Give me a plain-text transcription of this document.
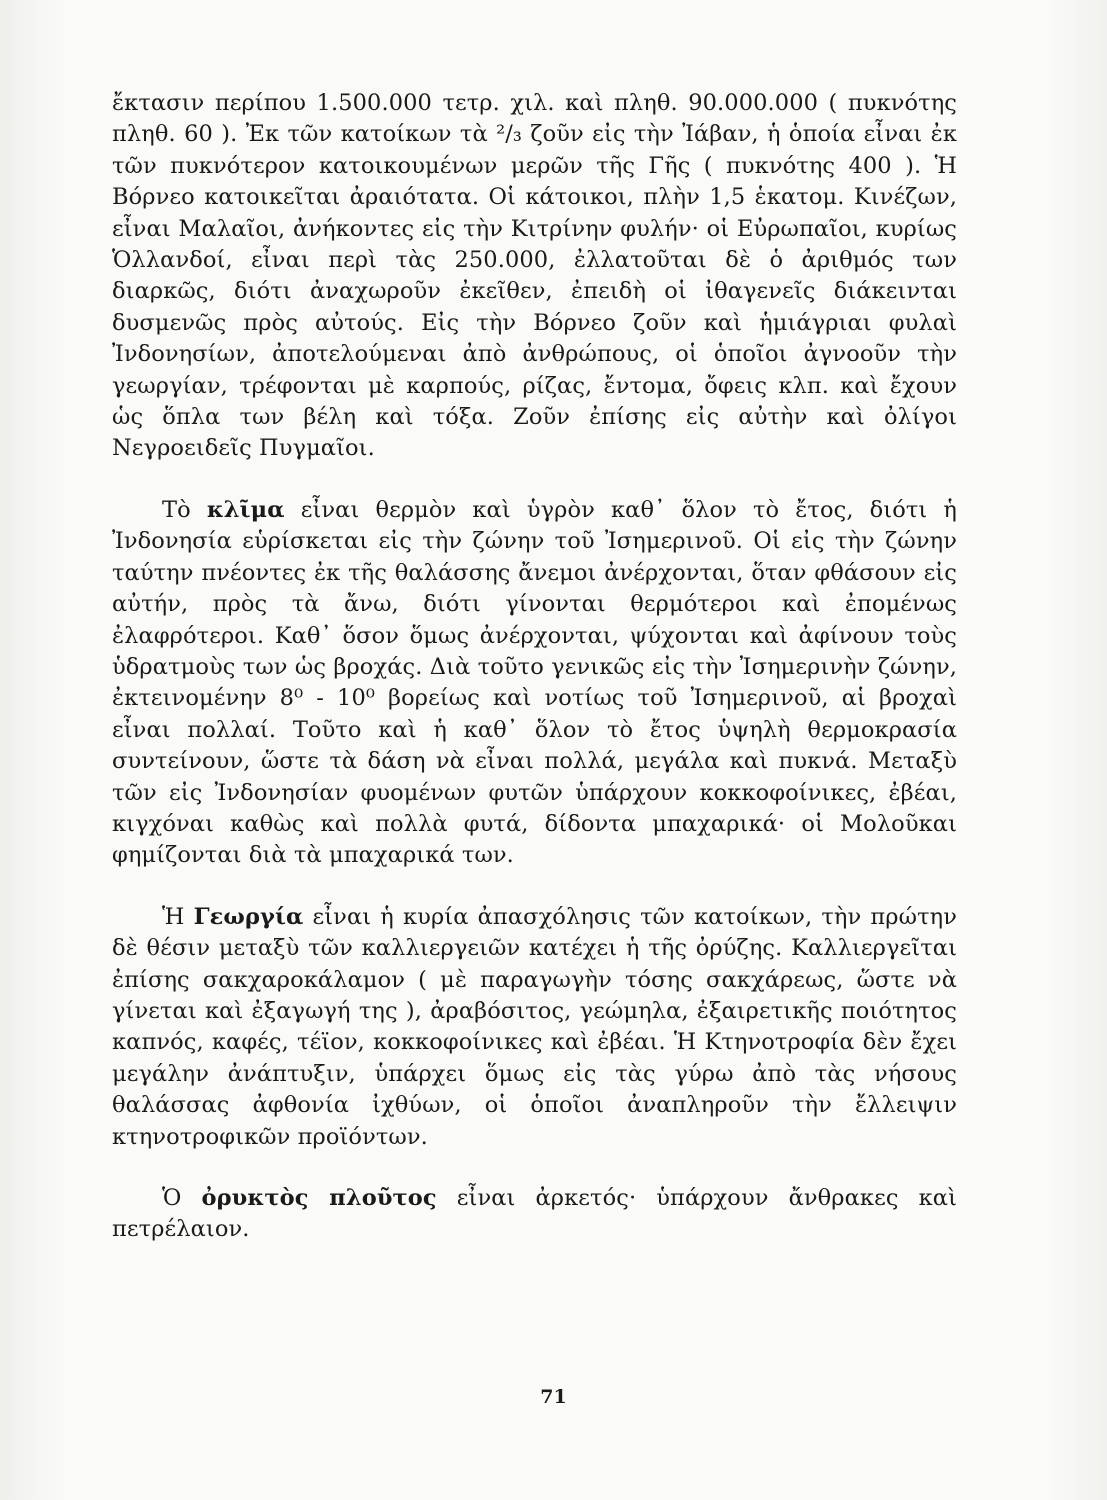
ἔκτασιν περίπου 1.500.000 τετρ. χιλ. καὶ πληθ. 90.000.000 ( πυκνότης πληθ. 60 ). Ἐκ τῶν κατοίκων τὰ ²/₃ ζοῦν εἰς τὴν Ἰάβαν, ἡ ὁποία εἶναι ἐκ τῶν πυκνότερον κατοικουμένων μερῶν τῆς Γῆς ( πυκνότης 400 ). Ἡ Βόρνεο κατοικεῖται ἀραιότατα. Οἱ κάτοικοι, πλὴν 1,5 ἑκατομ. Κινέζων, εἶναι Μαλαῖοι, ἀνήκοντες εἰς τὴν Κιτρίνην φυλήν· οἱ Εὐρωπαῖοι, κυρίως Ὁλλανδοί, εἶναι περὶ τὰς 250.000, ἐλλατοῦται δὲ ὁ ἀριθμός των διαρκῶς, διότι ἀναχωροῦν ἐκεῖθεν, ἐπειδὴ οἱ ἰθαγενεῖς διάκεινται δυσμενῶς πρὸς αὐτούς. Εἰς τὴν Βόρνεο ζοῦν καὶ ἡμιάγριαι φυλαὶ Ἰνδονησίων, ἀποτελούμεναι ἀπὸ ἀνθρώπους, οἱ ὁποῖοι ἀγνοοῦν τὴν γεωργίαν, τρέφονται μὲ καρπούς, ρίζας, ἔντομα, ὄφεις κλπ. καὶ ἔχουν ὡς ὅπλα των βέλη καὶ τόξα. Ζοῦν ἐπίσης εἰς αὐτὴν καὶ ὀλίγοι Νεγροειδεῖς Πυγμαῖοι.

Τὸ κλῖμα εἶναι θερμὸν καὶ ὑγρὸν καθ᾽ ὅλον τὸ ἔτος, διότι ἡ Ἰνδονησία εὑρίσκεται εἰς τὴν ζώνην τοῦ Ἰσημερινοῦ. Οἱ εἰς τὴν ζώνην ταύτην πνέοντες ἐκ τῆς θαλάσσης ἄνεμοι ἀνέρχονται, ὅταν φθάσουν εἰς αὐτήν, πρὸς τὰ ἄνω, διότι γίνονται θερμότεροι καὶ ἐπομένως ἐλαφρότεροι. Καθ᾽ ὅσον ὅμως ἀνέρχονται, ψύχονται καὶ ἀφίνουν τοὺς ὑδρατμοὺς των ὡς βροχάς. Διὰ τοῦτο γενικῶς εἰς τὴν Ἰσημερινὴν ζώνην, ἐκτεινομένην 8⁰ - 10⁰ βορείως καὶ νοτίως τοῦ Ἰσημερινοῦ, αἱ βροχαὶ εἶναι πολλαί. Τοῦτο καὶ ἡ καθ᾽ ὅλον τὸ ἔτος ὑψηλὴ θερμοκρασία συντείνουν, ὥστε τὰ δάση νὰ εἶναι πολλά, μεγάλα καὶ πυκνά. Μεταξὺ τῶν εἰς Ἰνδονησίαν φυομένων φυτῶν ὑπάρχουν κοκκοφοίνικες, ἐβέαι, κιγχόναι καθὼς καὶ πολλὰ φυτά, δίδοντα μπαχαρικά· οἱ Μολοῦκαι φημίζονται διὰ τὰ μπαχαρικά των.

Ἡ Γεωργία εἶναι ἡ κυρία ἀπασχόλησις τῶν κατοίκων, τὴν πρώτην δὲ θέσιν μεταξὺ τῶν καλλιεργειῶν κατέχει ἡ τῆς ὀρύζης. Καλλιεργεῖται ἐπίσης σακχαροκάλαμον ( μὲ παραγωγὴν τόσης σακχάρεως, ὥστε νὰ γίνεται καὶ ἐξαγωγή της ), ἀραβόσιτος, γεώμηλα, ἐξαιρετικῆς ποιότητος καπνός, καφές, τέϊον, κοκκοφοίνικες καὶ ἐβέαι. Ἡ Κτηνοτροφία δὲν ἔχει μεγάλην ἀνάπτυξιν, ὑπάρχει ὅμως εἰς τὰς γύρω ἀπὸ τὰς νήσους θαλάσσας ἀφθονία ἰχθύων, οἱ ὁποῖοι ἀναπληροῦν τὴν ἔλλειψιν κτηνοτροφικῶν προϊόντων.

Ὁ ὀρυκτὸς πλοῦτος εἶναι ἀρκετός· ὑπάρχουν ἄνθρακες καὶ πετρέλαιον.

71
